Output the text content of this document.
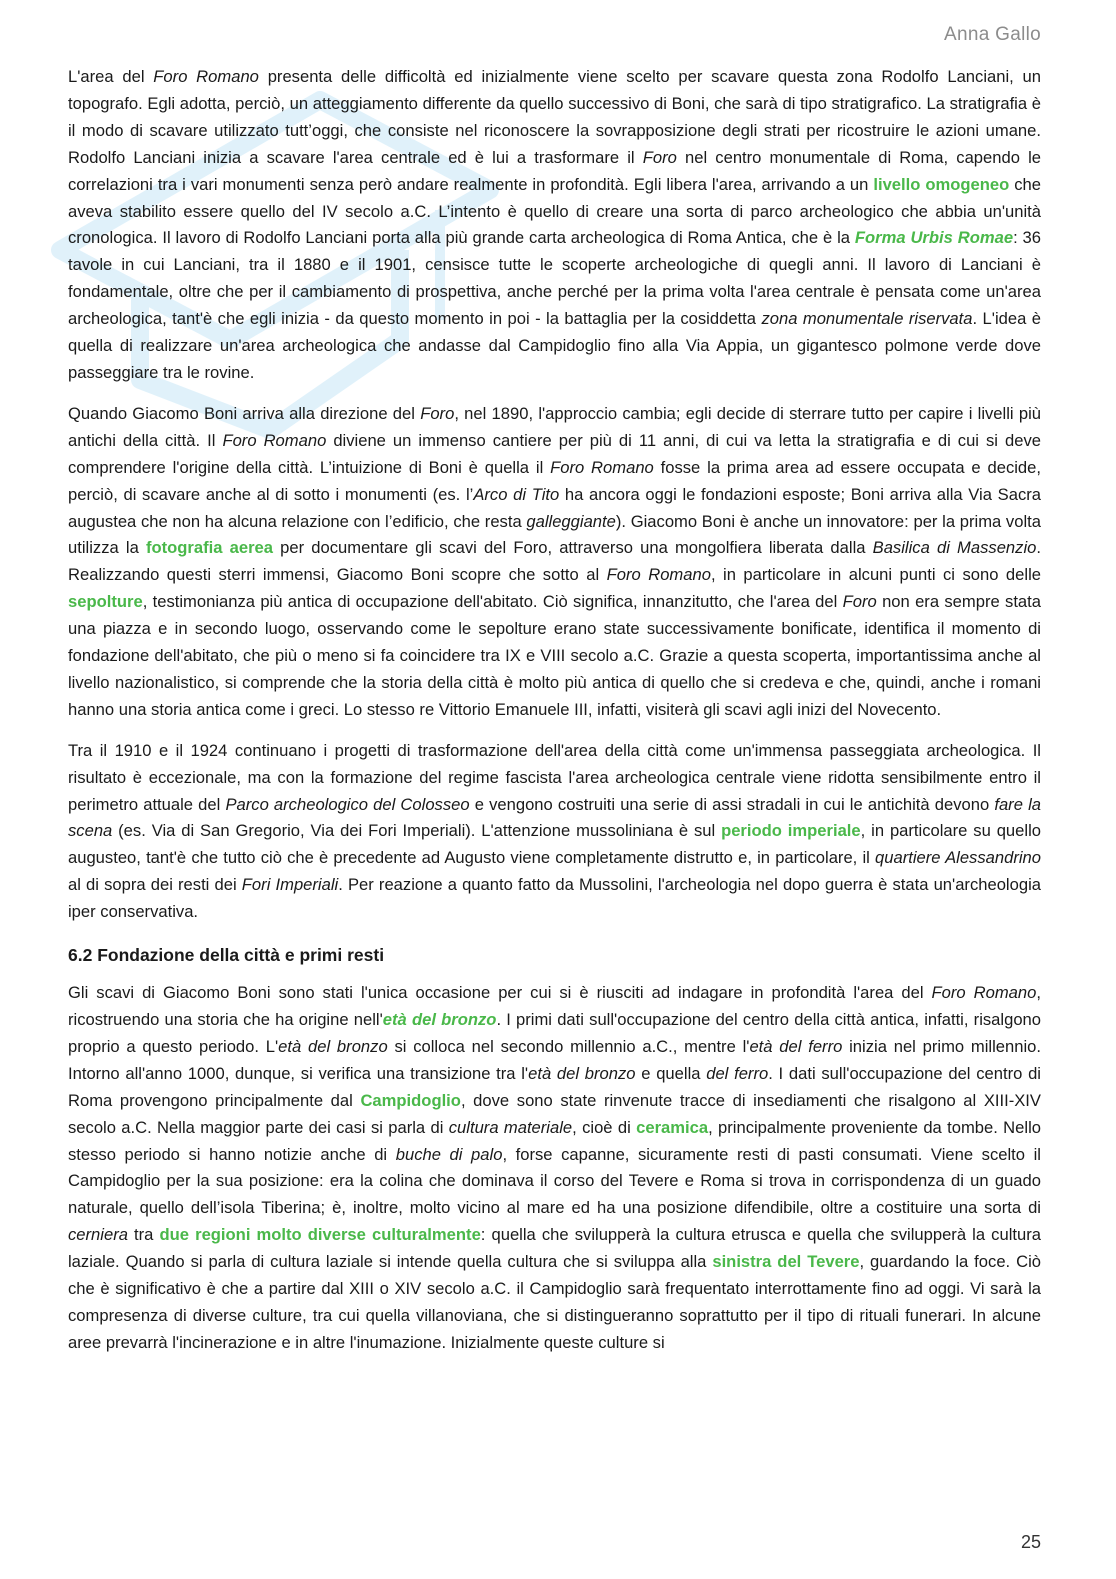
Anna Gallo

L'area del Foro Romano presenta delle difficoltà ed inizialmente viene scelto per scavare questa zona Rodolfo Lanciani, un topografo. Egli adotta, perciò, un atteggiamento differente da quello successivo di Boni, che sarà di tipo stratigrafico. La stratigrafia è il modo di scavare utilizzato tutt’oggi, che consiste nel riconoscere la sovrapposizione degli strati per ricostruire le azioni umane. Rodolfo Lanciani inizia a scavare l'area centrale ed è lui a trasformare il Foro nel centro monumentale di Roma, capendo le correlazioni tra i vari monumenti senza però andare realmente in profondità. Egli libera l'area, arrivando a un livello omogeneo che aveva stabilito essere quello del IV secolo a.C. L’intento è quello di creare una sorta di parco archeologico che abbia un'unità cronologica. Il lavoro di Rodolfo Lanciani porta alla più grande carta archeologica di Roma Antica, che è la Forma Urbis Romae: 36 tavole in cui Lanciani, tra il 1880 e il 1901, censisce tutte le scoperte archeologiche di quegli anni. Il lavoro di Lanciani è fondamentale, oltre che per il cambiamento di prospettiva, anche perché per la prima volta l'area centrale è pensata come un'area archeologica, tant'è che egli inizia - da questo momento in poi - la battaglia per la cosiddetta zona monumentale riservata. L'idea è quella di realizzare un'area archeologica che andasse dal Campidoglio fino alla Via Appia, un gigantesco polmone verde dove passeggiare tra le rovine.

Quando Giacomo Boni arriva alla direzione del Foro, nel 1890, l'approccio cambia; egli decide di sterrare tutto per capire i livelli più antichi della città. Il Foro Romano diviene un immenso cantiere per più di 11 anni, di cui va letta la stratigrafia e di cui si deve comprendere l'origine della città. L’intuizione di Boni è quella il Foro Romano fosse la prima area ad essere occupata e decide, perciò, di scavare anche al di sotto i monumenti (es. l’Arco di Tito ha ancora oggi le fondazioni esposte; Boni arriva alla Via Sacra augustea che non ha alcuna relazione con l’edificio, che resta galleggiante). Giacomo Boni è anche un innovatore: per la prima volta utilizza la fotografia aerea per documentare gli scavi del Foro, attraverso una mongolfiera liberata dalla Basilica di Massenzio. Realizzando questi sterri immensi, Giacomo Boni scopre che sotto al Foro Romano, in particolare in alcuni punti ci sono delle sepolture, testimonianza più antica di occupazione dell'abitato. Ciò significa, innanzitutto, che l'area del Foro non era sempre stata una piazza e in secondo luogo, osservando come le sepolture erano state successivamente bonificate, identifica il momento di fondazione dell'abitato, che più o meno si fa coincidere tra IX e VIII secolo a.C. Grazie a questa scoperta, importantissima anche al livello nazionalistico, si comprende che la storia della città è molto più antica di quello che si credeva e che, quindi, anche i romani hanno una storia antica come i greci. Lo stesso re Vittorio Emanuele III, infatti, visiterà gli scavi agli inizi del Novecento.

Tra il 1910 e il 1924 continuano i progetti di trasformazione dell'area della città come un'immensa passeggiata archeologica. Il risultato è eccezionale, ma con la formazione del regime fascista l'area archeologica centrale viene ridotta sensibilmente entro il perimetro attuale del Parco archeologico del Colosseo e vengono costruiti una serie di assi stradali in cui le antichità devono fare la scena (es. Via di San Gregorio, Via dei Fori Imperiali). L'attenzione mussoliniana è sul periodo imperiale, in particolare su quello augusteo, tant'è che tutto ciò che è precedente ad Augusto viene completamente distrutto e, in particolare, il quartiere Alessandrino al di sopra dei resti dei Fori Imperiali. Per reazione a quanto fatto da Mussolini, l'archeologia nel dopo guerra è stata un'archeologia iper conservativa.

6.2 Fondazione della città e primi resti

Gli scavi di Giacomo Boni sono stati l'unica occasione per cui si è riusciti ad indagare in profondità l'area del Foro Romano, ricostruendo una storia che ha origine nell'età del bronzo. I primi dati sull'occupazione del centro della città antica, infatti, risalgono proprio a questo periodo. L'età del bronzo si colloca nel secondo millennio a.C., mentre l'età del ferro inizia nel primo millennio. Intorno all'anno 1000, dunque, si verifica una transizione tra l'età del bronzo e quella del ferro. I dati sull'occupazione del centro di Roma provengono principalmente dal Campidoglio, dove sono state rinvenute tracce di insediamenti che risalgono al XIII-XIV secolo a.C. Nella maggior parte dei casi si parla di cultura materiale, cioè di ceramica, principalmente proveniente da tombe. Nello stesso periodo si hanno notizie anche di buche di palo, forse capanne, sicuramente resti di pasti consumati. Viene scelto il Campidoglio per la sua posizione: era la colina che dominava il corso del Tevere e Roma si trova in corrispondenza di un guado naturale, quello dell’isola Tiberina; è, inoltre, molto vicino al mare ed ha una posizione difendibile, oltre a costituire una sorta di cerniera tra due regioni molto diverse culturalmente: quella che svilupperà la cultura etrusca e quella che svilupperà la cultura laziale. Quando si parla di cultura laziale si intende quella cultura che si sviluppa alla sinistra del Tevere, guardando la foce. Ciò che è significativo è che a partire dal XIII o XIV secolo a.C. il Campidoglio sarà frequentato interrottamente fino ad oggi. Vi sarà la compresenza di diverse culture, tra cui quella villanoviana, che si distingueranno soprattutto per il tipo di rituali funerari. In alcune aree prevarrà l'incinerazione e in altre l'inumazione. Inizialmente queste culture si

25
